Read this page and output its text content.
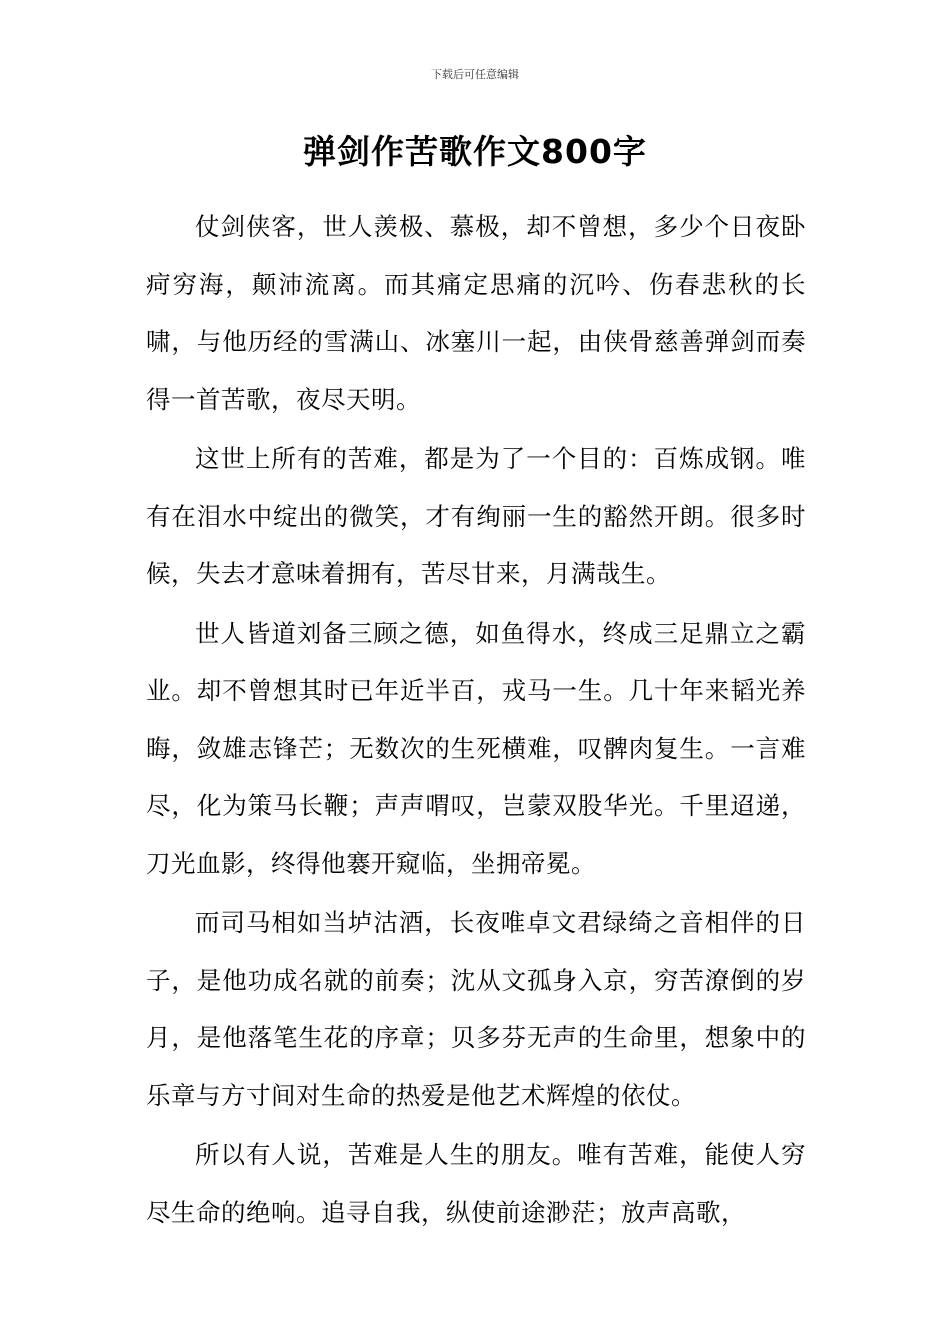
下载后可任意编辑
弹剑作苦歌作文800字

仗剑侠客，世人羡极、慕极，却不曾想，多少个日夜卧疴穷海，颠沛流离。而其痛定思痛的沉吟、伤春悲秋的长啸，与他历经的雪满山、冰塞川一起，由侠骨慈善弹剑而奏得一首苦歌，夜尽天明。

这世上所有的苦难，都是为了一个目的：百炼成钢。唯有在泪水中绽出的微笑，才有绚丽一生的豁然开朗。很多时候，失去才意味着拥有，苦尽甘来，月满哉生。

世人皆道刘备三顾之德，如鱼得水，终成三足鼎立之霸业。却不曾想其时已年近半百，戎马一生。几十年来韬光养晦，敛雄志锋芒；无数次的生死横难，叹髀肉复生。一言难尽，化为策马长鞭；声声喟叹，岂蒙双股华光。千里迢递，刀光血影，终得他褰开窥临，坐拥帝冕。

而司马相如当垆沽酒，长夜唯卓文君绿绮之音相伴的日子，是他功成名就的前奏；沈从文孤身入京，穷苦潦倒的岁月，是他落笔生花的序章；贝多芬无声的生命里，想象中的乐章与方寸间对生命的热爱是他艺术辉煌的依仗。

所以有人说，苦难是人生的朋友。唯有苦难，能使人穷尽生命的绝响。追寻自我，纵使前途渺茫；放声高歌，
